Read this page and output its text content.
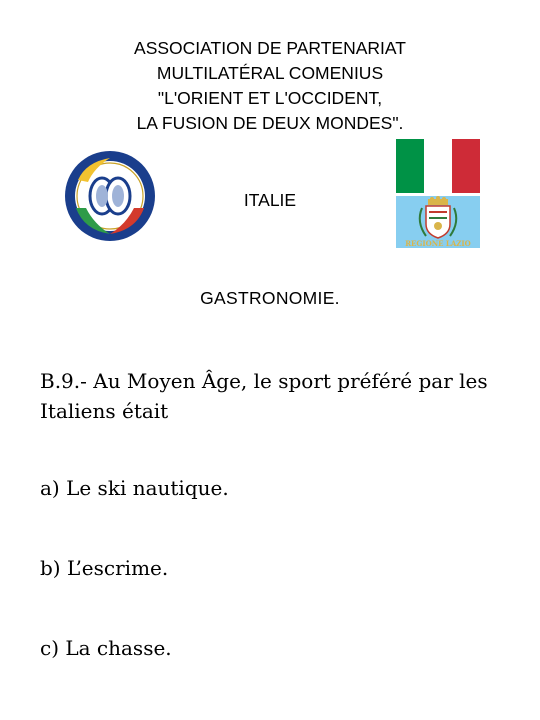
ASSOCIATION DE PARTENARIAT
MULTILATÉRAL COMENIUS
"L'ORIENT ET L'OCCIDENT,
LA FUSION DE DEUX MONDES".
ITALIE
REGIONE LAZIO
GASTRONOMIE.
B.9.- Au Moyen Âge, le sport préféré par les Italiens était
a) Le ski nautique.
b) L’escrime.
c) La chasse.
